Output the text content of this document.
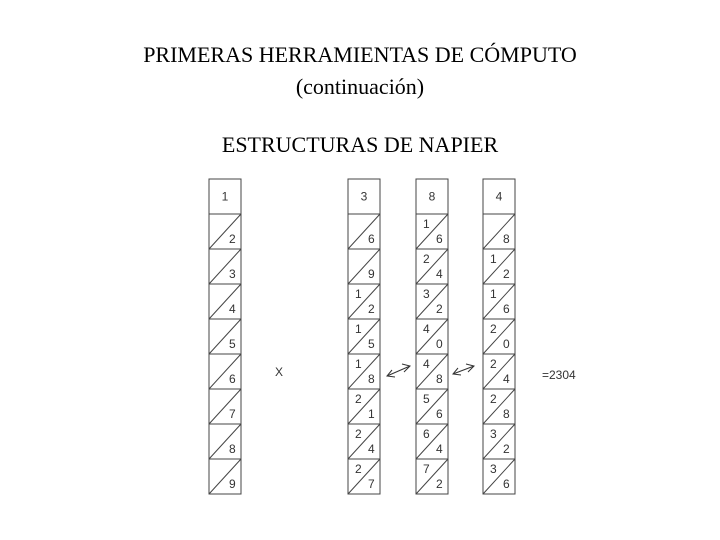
PRIMERAS HERRAMIENTAS DE CÓMPUTO
(continuación)
ESTRUCTURAS DE NAPIER
X	=2304
1
2
3
4
5
6
7
8
9
3
6
9
1
2
1
5
1
8
2
1
2
4
2
7
8
1
6
2
4
3
2
4
0
4
8
5
6
6
4
7
2
4
8
1
2
1
6
2
0
2
4
2
8
3
2
3
6
